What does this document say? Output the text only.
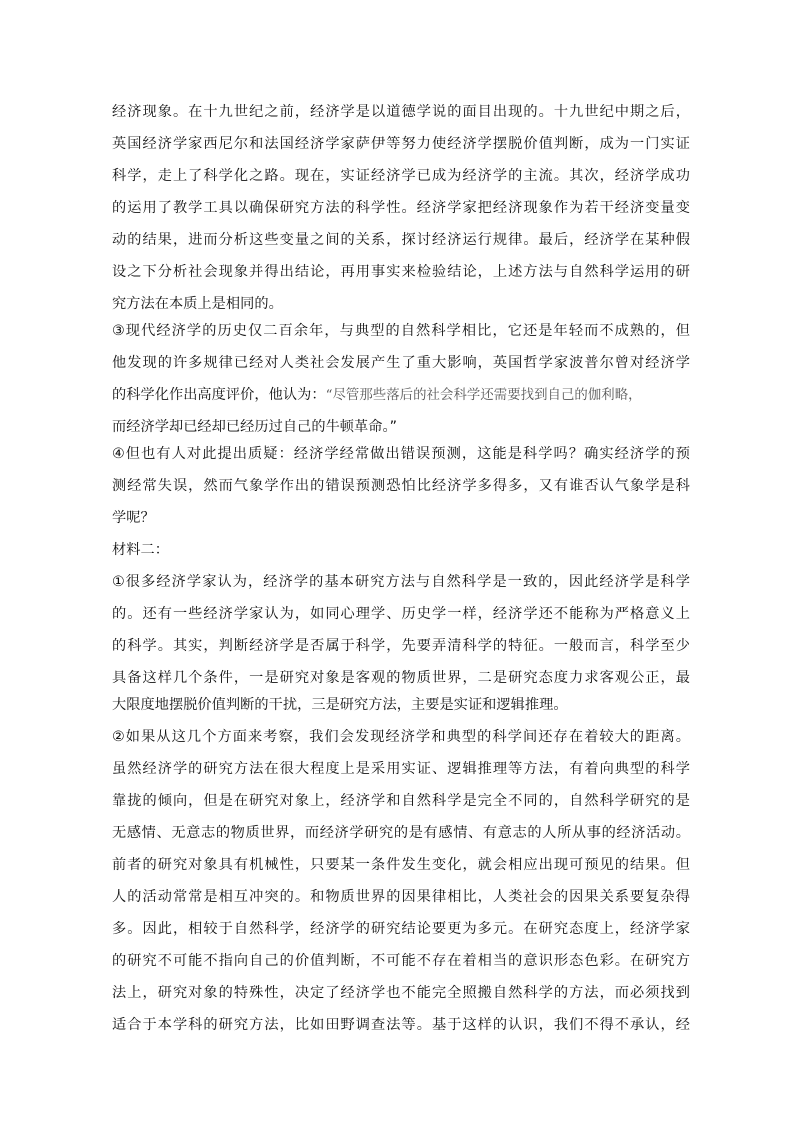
经济现象。在十九世纪之前，经济学是以道德学说的面目出现的。十九世纪中期之后，
英国经济学家西尼尔和法国经济学家萨伊等努力使经济学摆脱价值判断，成为一门实证
科学，走上了科学化之路。现在，实证经济学已成为经济学的主流。其次，经济学成功
的运用了教学工具以确保研究方法的科学性。经济学家把经济现象作为若干经济变量变
动的结果，进而分析这些变量之间的关系，探讨经济运行规律。最后，经济学在某种假
设之下分析社会现象并得出结论，再用事实来检验结论，上述方法与自然科学运用的研
究方法在本质上是相同的。
③现代经济学的历史仅二百余年，与典型的自然科学相比，它还是年轻而不成熟的，但
他发现的许多规律已经对人类社会发展产生了重大影响，英国哲学家波普尔曾对经济学
的科学化作出高度评价，他认为：“尽管那些落后的社会科学还需要找到自己的伽利略，
而经济学却已经却已经历过自己的牛顿革命。”
④但也有人对此提出质疑：经济学经常做出错误预测，这能是科学吗？确实经济学的预
测经常失误，然而气象学作出的错误预测恐怕比经济学多得多，又有谁否认气象学是科
学呢？
材料二：
①很多经济学家认为，经济学的基本研究方法与自然科学是一致的，因此经济学是科学
的。还有一些经济学家认为，如同心理学、历史学一样，经济学还不能称为严格意义上
的科学。其实，判断经济学是否属于科学，先要弄清科学的特征。一般而言，科学至少
具备这样几个条件，一是研究对象是客观的物质世界，二是研究态度力求客观公正，最
大限度地摆脱价值判断的干扰，三是研究方法，主要是实证和逻辑推理。
②如果从这几个方面来考察，我们会发现经济学和典型的科学间还存在着较大的距离。
虽然经济学的研究方法在很大程度上是采用实证、逻辑推理等方法，有着向典型的科学
靠拢的倾向，但是在研究对象上，经济学和自然科学是完全不同的，自然科学研究的是
无感情、无意志的物质世界，而经济学研究的是有感情、有意志的人所从事的经济活动。
前者的研究对象具有机械性，只要某一条件发生变化，就会相应出现可预见的结果。但
人的活动常常是相互冲突的。和物质世界的因果律相比，人类社会的因果关系要复杂得
多。因此，相较于自然科学，经济学的研究结论要更为多元。在研究态度上，经济学家
的研究不可能不指向自己的价值判断，不可能不存在着相当的意识形态色彩。在研究方
法上，研究对象的特殊性，决定了经济学也不能完全照搬自然科学的方法，而必须找到
适合于本学科的研究方法，比如田野调查法等。基于这样的认识，我们不得不承认，经
